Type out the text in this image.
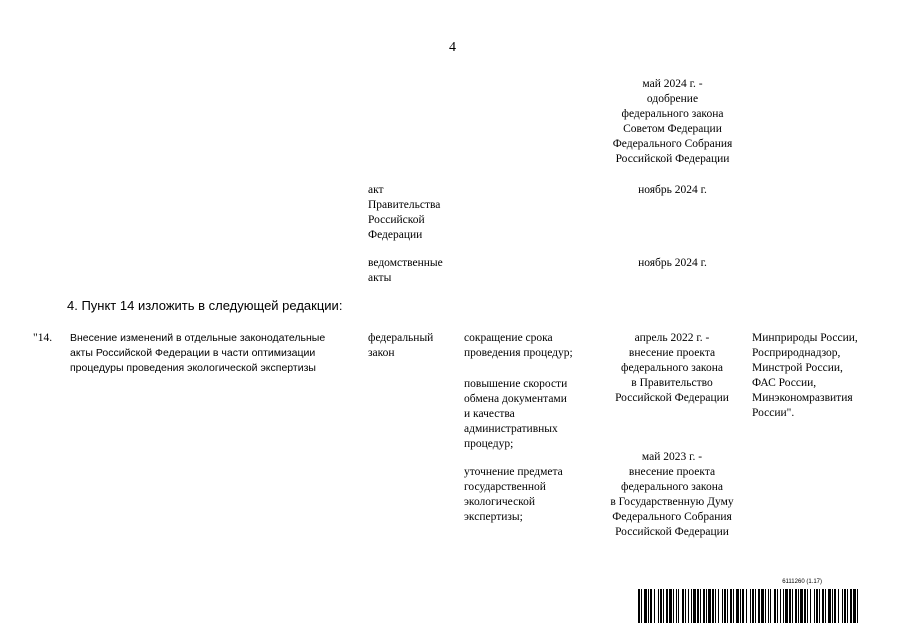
4
май 2024 г. -
одобрение
федерального закона
Советом Федерации
Федерального Собрания
Российской Федерации
акт
Правительства
Российской
Федерации
ноябрь 2024 г.
ведомственные
акты
ноябрь 2024 г.
4. Пункт 14 изложить в следующей редакции:
"14. Внесение изменений в отдельные законодательные
акты Российской Федерации в части оптимизации
процедуры проведения экологической экспертизы
федеральный
закон
сокращение срока
проведения процедур;
повышение скорости
обмена документами
и качества
административных
процедур;
уточнение предмета
государственной
экологической
экспертизы;
апрель 2022 г. -
внесение проекта
федерального закона
в Правительство
Российской Федерации
май 2023 г. -
внесение проекта
федерального закона
в Государственную Думу
Федерального Собрания
Российской Федерации
Минприроды России,
Росприроднадзор,
Минстрой России,
ФАС России,
Минэкономразвития
России".
6111260 (1.17)
